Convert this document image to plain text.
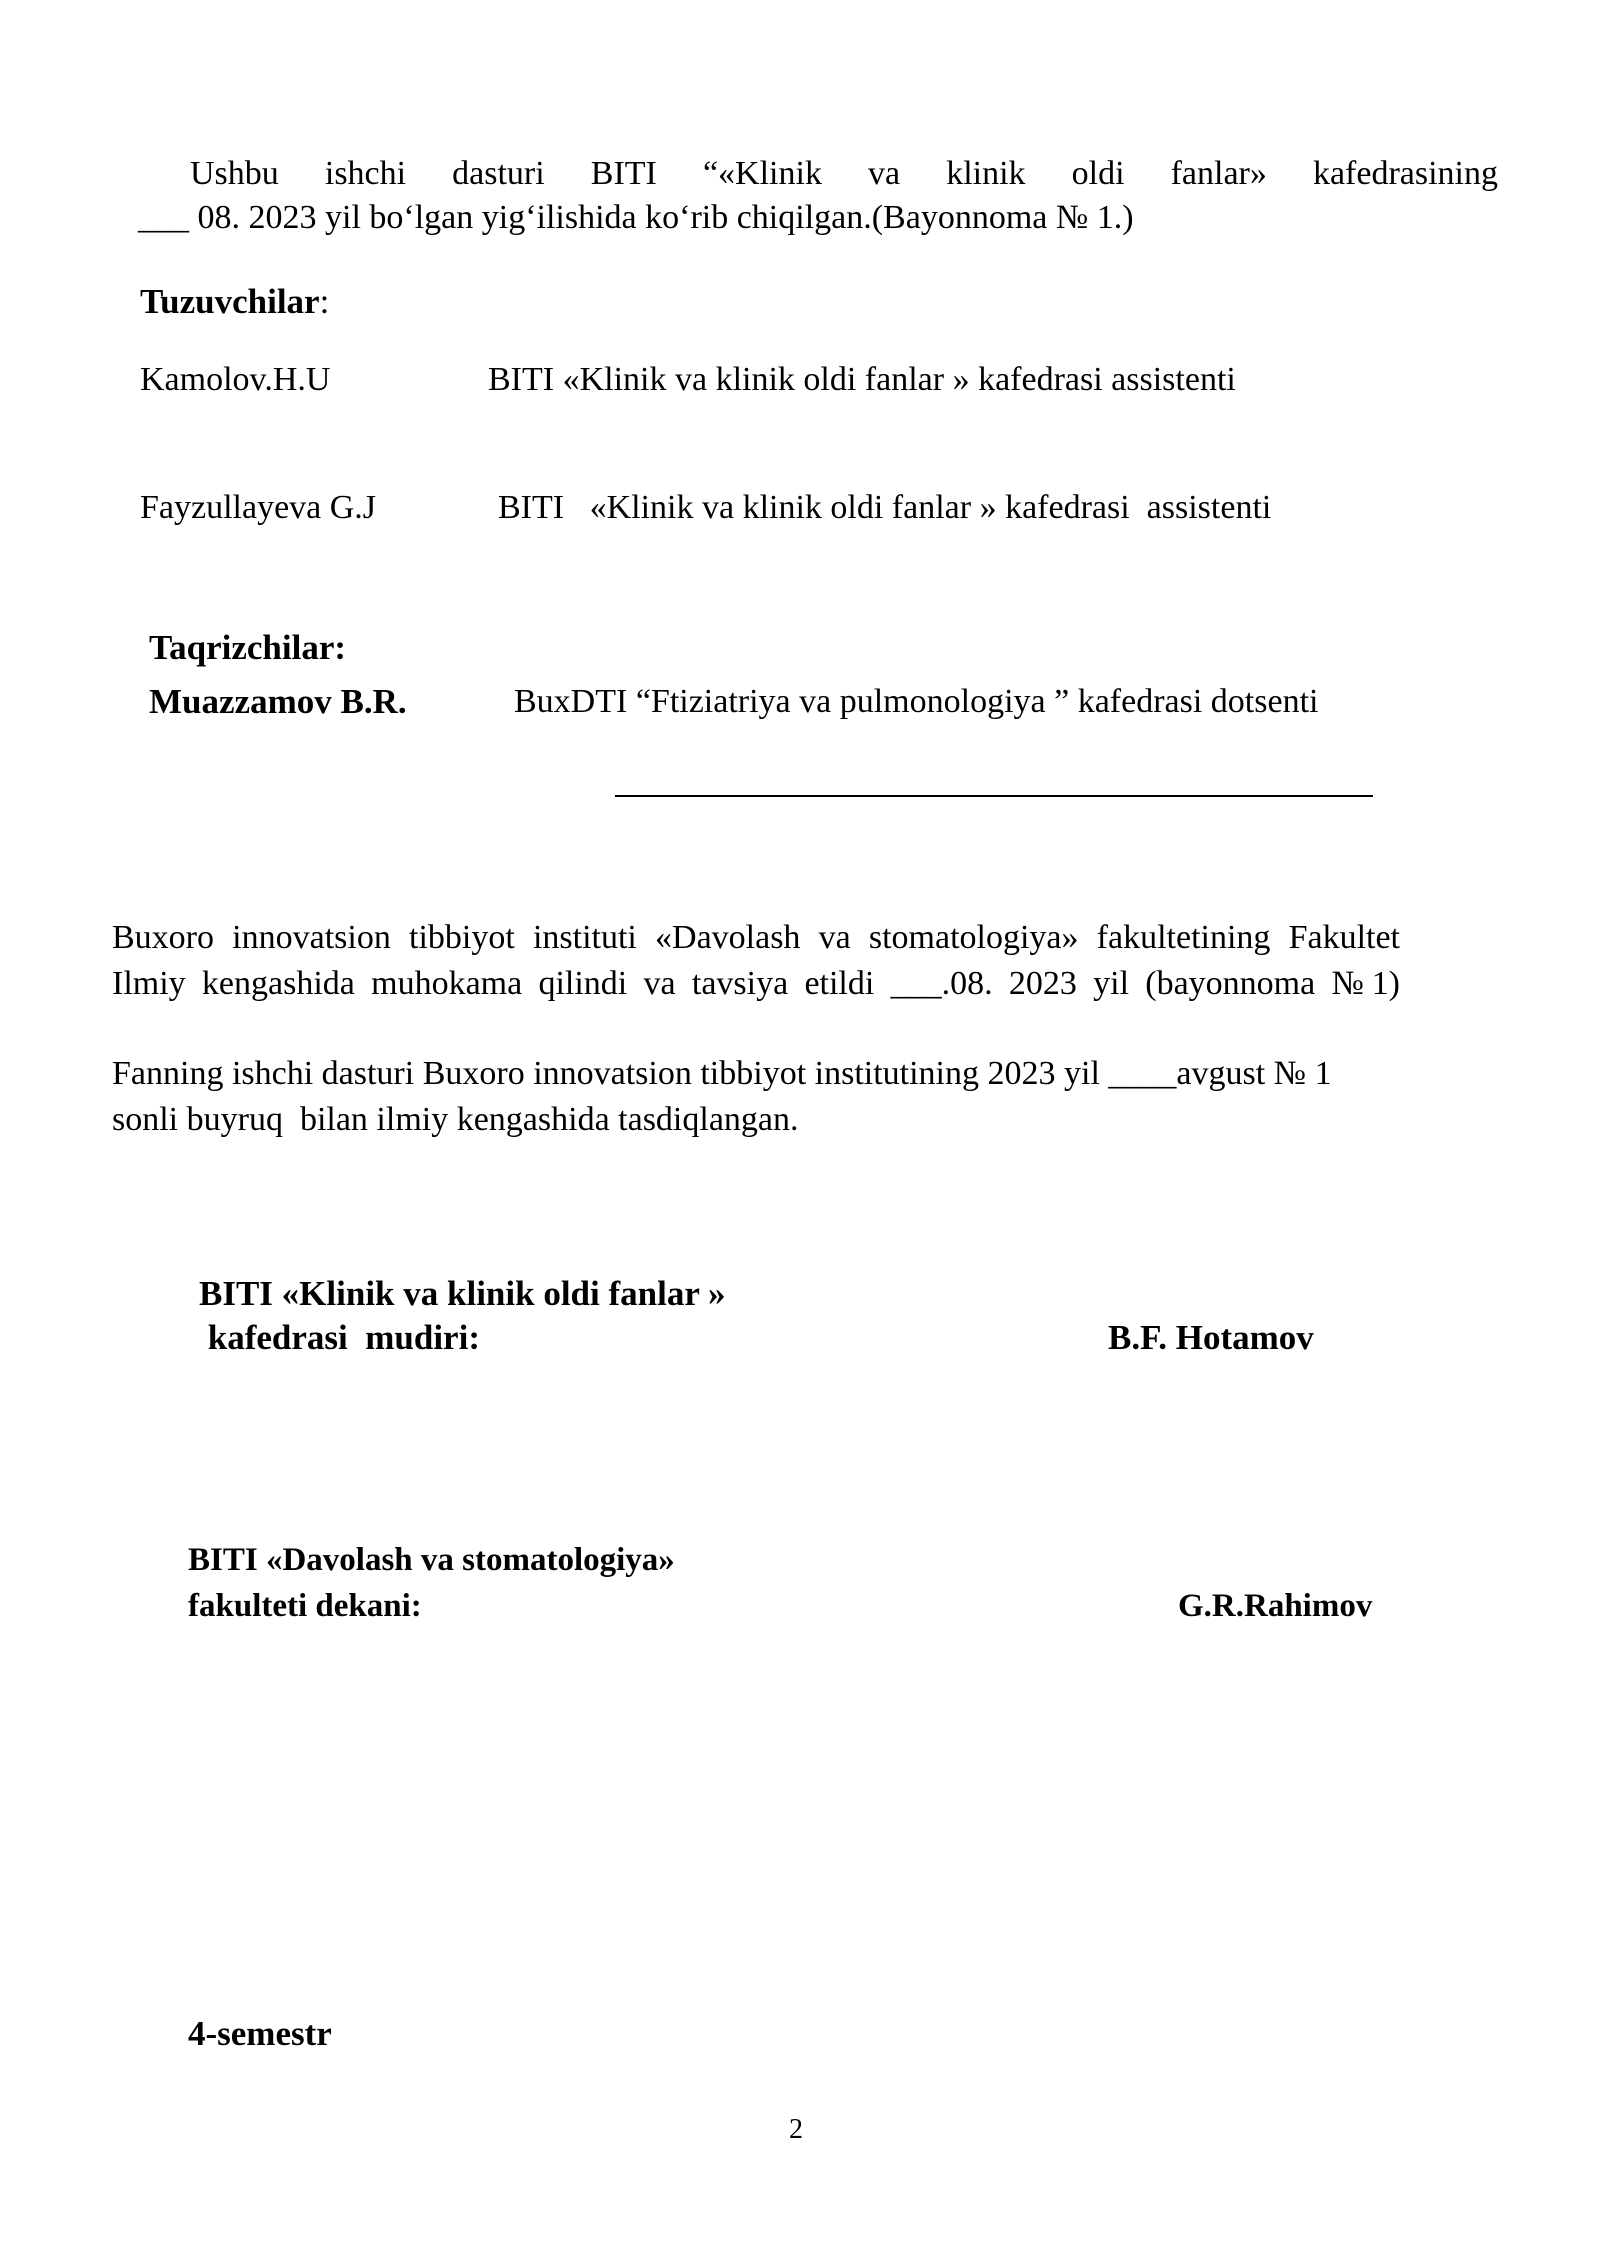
Ushbu ishchi dasturi BITI “«Klinik va klinik oldi fanlar» kafedrasining
___ 08. 2023 yil bo‘lgan yig‘ilishida ko‘rib chiqilgan.(Bayonnoma № 1.)
Tuzuvchilar:
Kamolov.H.U	BITI «Klinik va klinik oldi fanlar » kafedrasi assistenti
Fayzullayeva G.J	BITI   «Klinik va klinik oldi fanlar » kafedrasi  assistenti
Taqrizchilar:
Muazzamov B.R.	BuxDTI “Ftiziatriya va pulmonologiya ” kafedrasi dotsenti
Buxoro innovatsion tibbiyot instituti «Davolash va stomatologiya» fakultetining Fakultet
Ilmiy kengashida muhokama qilindi va tavsiya etildi ___.08. 2023 yil (bayonnoma №1)
Fanning ishchi dasturi Buxoro innovatsion tibbiyot institutining 2023 yil ____avgust № 1
sonli buyruq  bilan ilmiy kengashida tasdiqlangan.
BITI «Klinik va klinik oldi fanlar »
kafedrasi  mudiri:	B.F. Hotamov
BITI «Davolash va stomatologiya»
fakulteti dekani:	G.R.Rahimov
4-semestr
2
